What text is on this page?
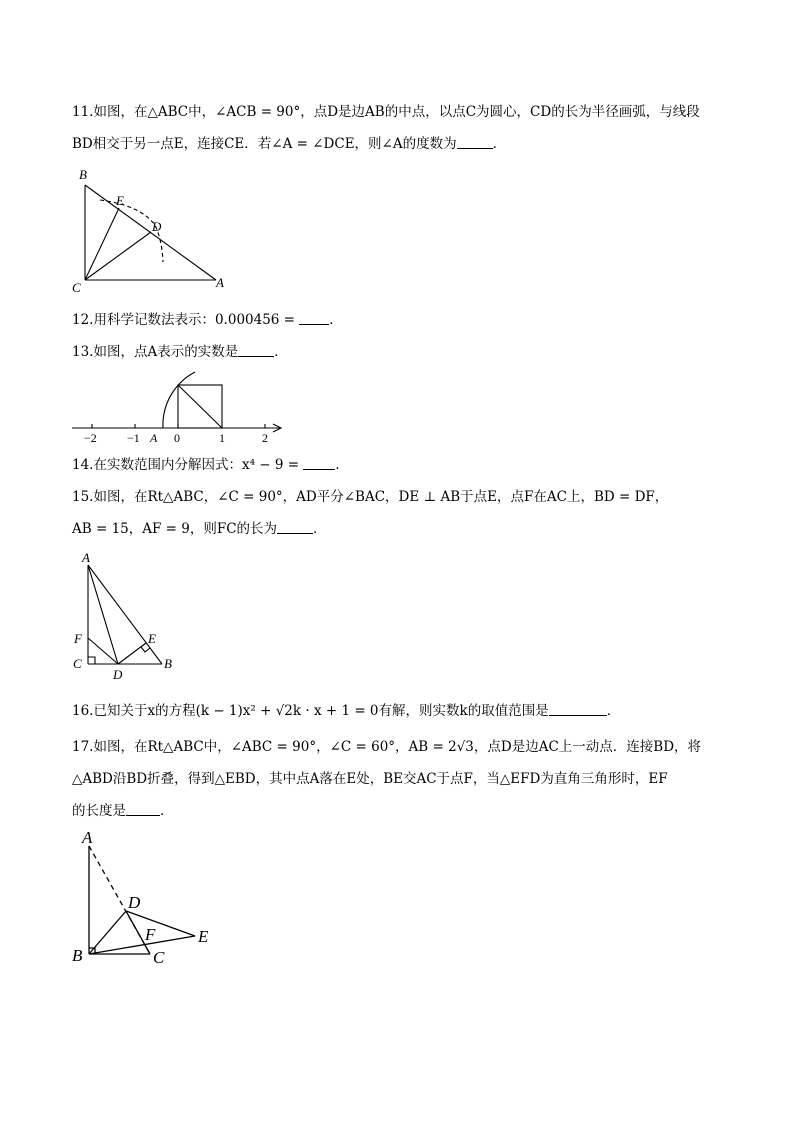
11.如图，在△ABC中，∠ACB = 90°，点D是边AB的中点，以点C为圆心，CD的长为半径画弧，与线段
BD相交于另一点E，连接CE．若∠A = ∠DCE，则∠A的度数为	．
B
E
D
C	A
12.用科学记数法表示：0.000456 =	．
13.如图，点A表示的实数是	．
−2	−1	0	1	2
A
14.在实数范围内分解因式：x⁴ − 9 =	．
15.如图，在Rt△ABC，∠C = 90°，AD平分∠BAC，DE ⊥ AB于点E，点F在AC上，BD = DF，
AB = 15，AF = 9，则FC的长为	．
A
F	E
C
D
B
16.已知关于x的方程(k − 1)x² + √2k · x + 1 = 0有解，则实数k的取值范围是	．
17.如图，在Rt△ABC中，∠ABC = 90°，∠C = 60°，AB = 2√3，点D是边AC上一动点．连接BD，将
△ABD沿BD折叠，得到△EBD，其中点A落在E处，BE交AC于点F，当△EFD为直角三角形时，EF
的长度是	．
A
D
E
F
B	C
